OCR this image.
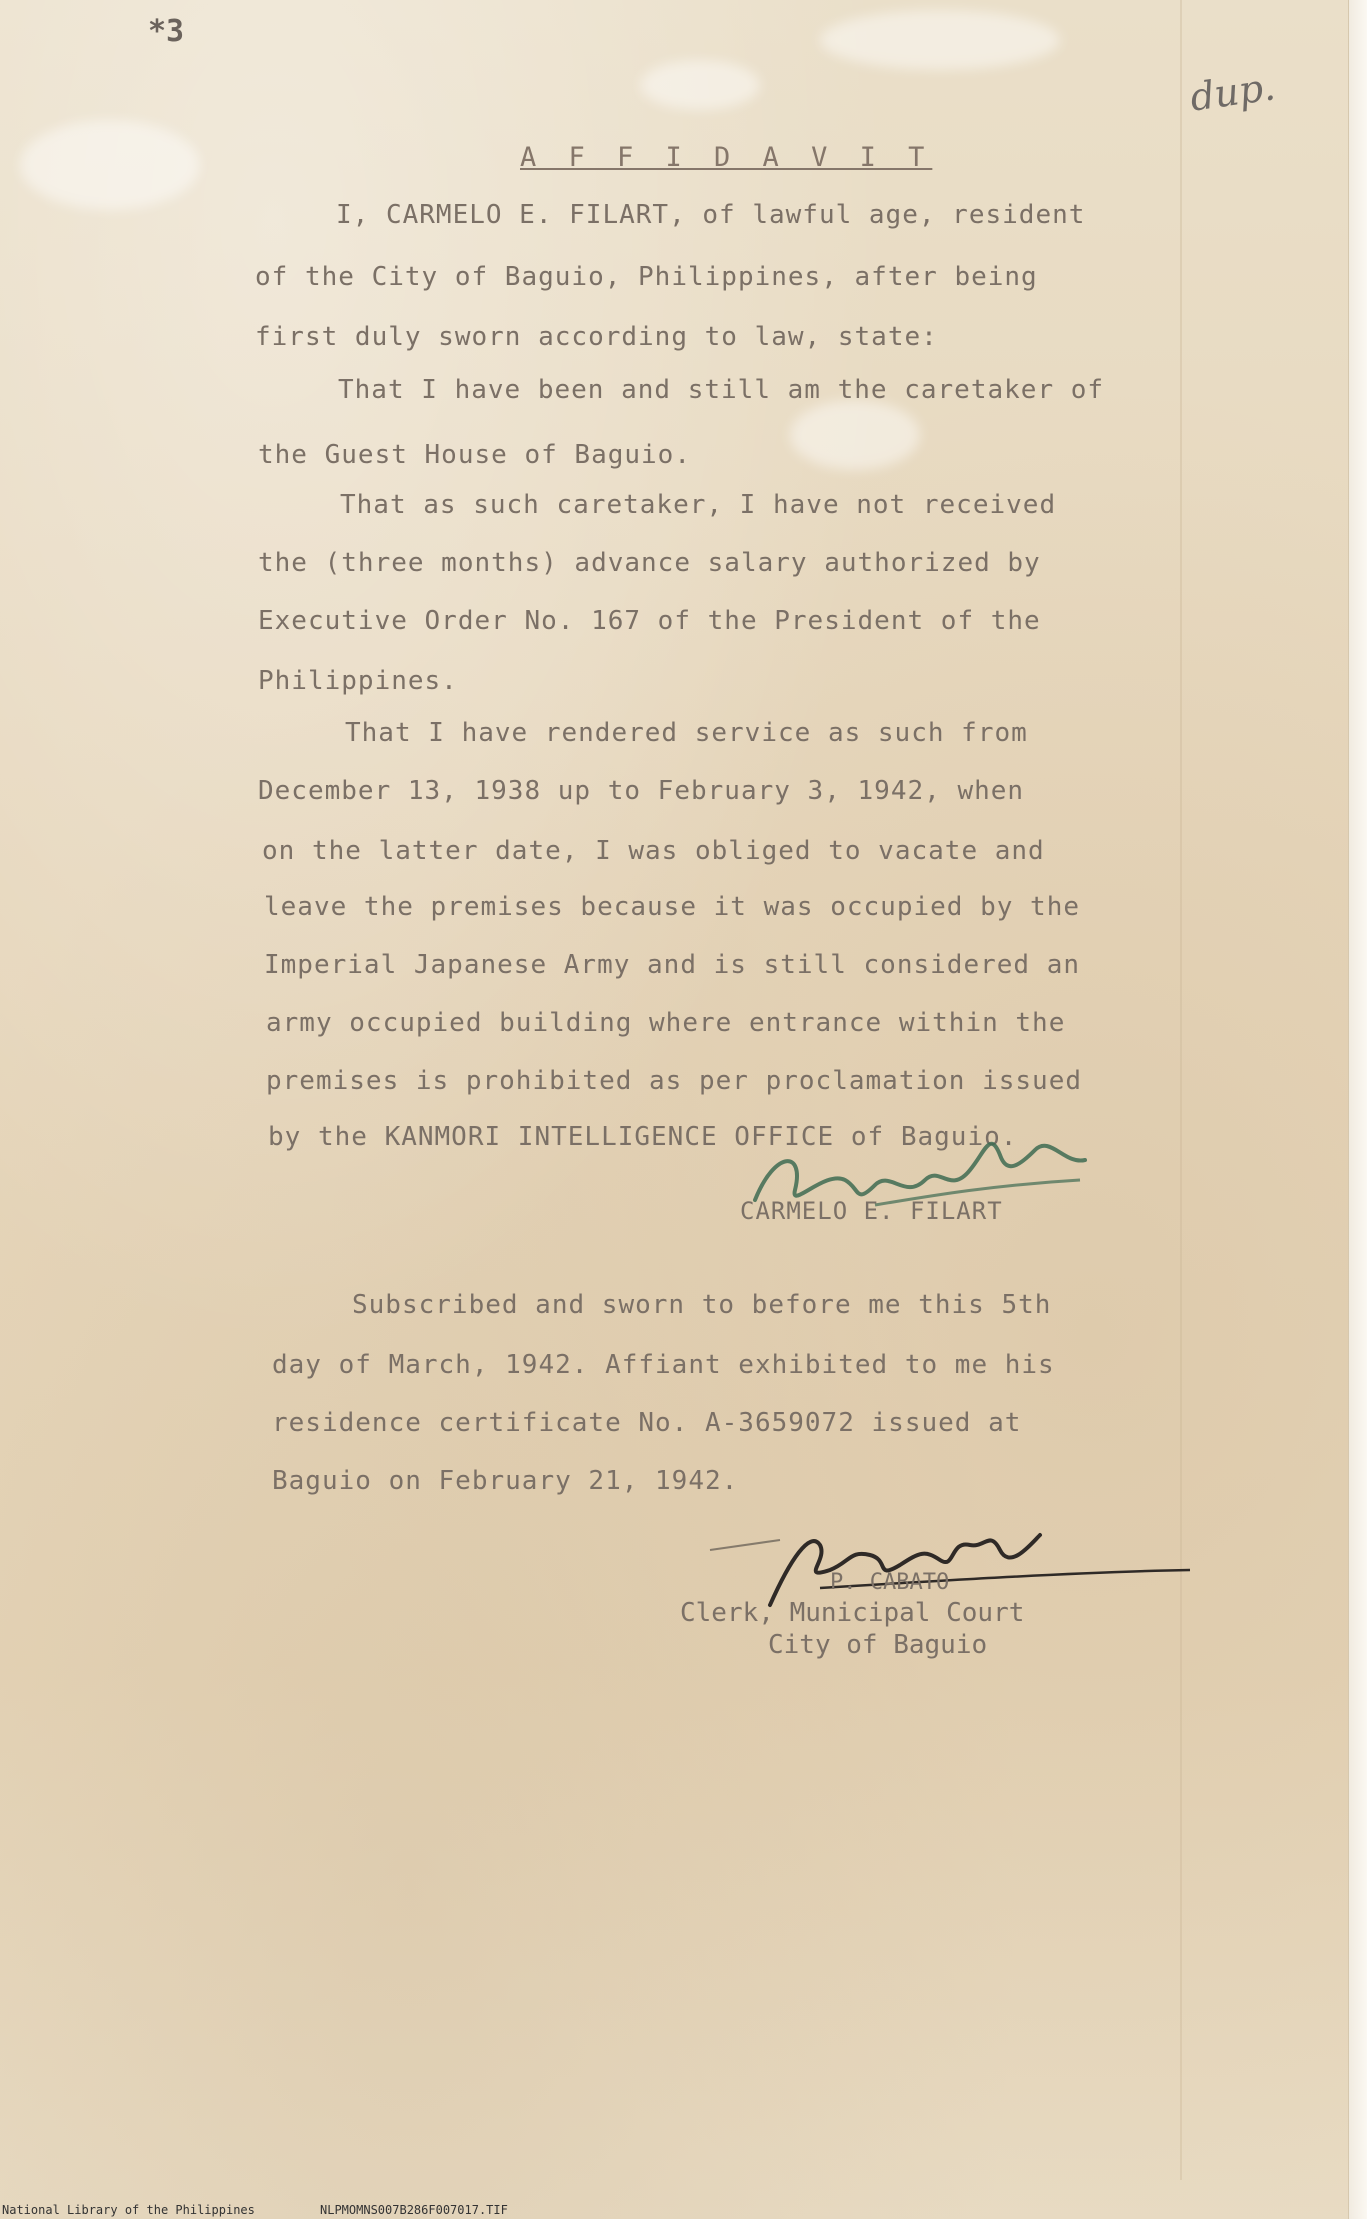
*3
dup.
A F F I D A V I T
I, CARMELO E. FILART, of lawful age, resident
of the City of Baguio, Philippines, after being
first duly sworn according to law, state:
That I have been and still am the caretaker of
the Guest House of Baguio.
That as such caretaker, I have not received
the (three months) advance salary authorized by
Executive Order No. 167 of the President of the
Philippines.
That I have rendered service as such from
December 13, 1938 up to February 3, 1942, when
on the latter date, I was obliged to vacate and
leave the premises because it was occupied by the
Imperial Japanese Army and is still considered an
army occupied building where entrance within the
premises is prohibited as per proclamation issued
by the KANMORI INTELLIGENCE OFFICE of Baguio.
CARMELO E. FILART
Subscribed and sworn to before me this 5th
day of March, 1942. Affiant exhibited to me his
residence certificate No. A-3659072 issued at
Baguio on February 21, 1942.
P. CABATO
Clerk, Municipal Court
City of Baguio
National Library of the Philippines	NLPMOMNS007B286F007017.TIF
